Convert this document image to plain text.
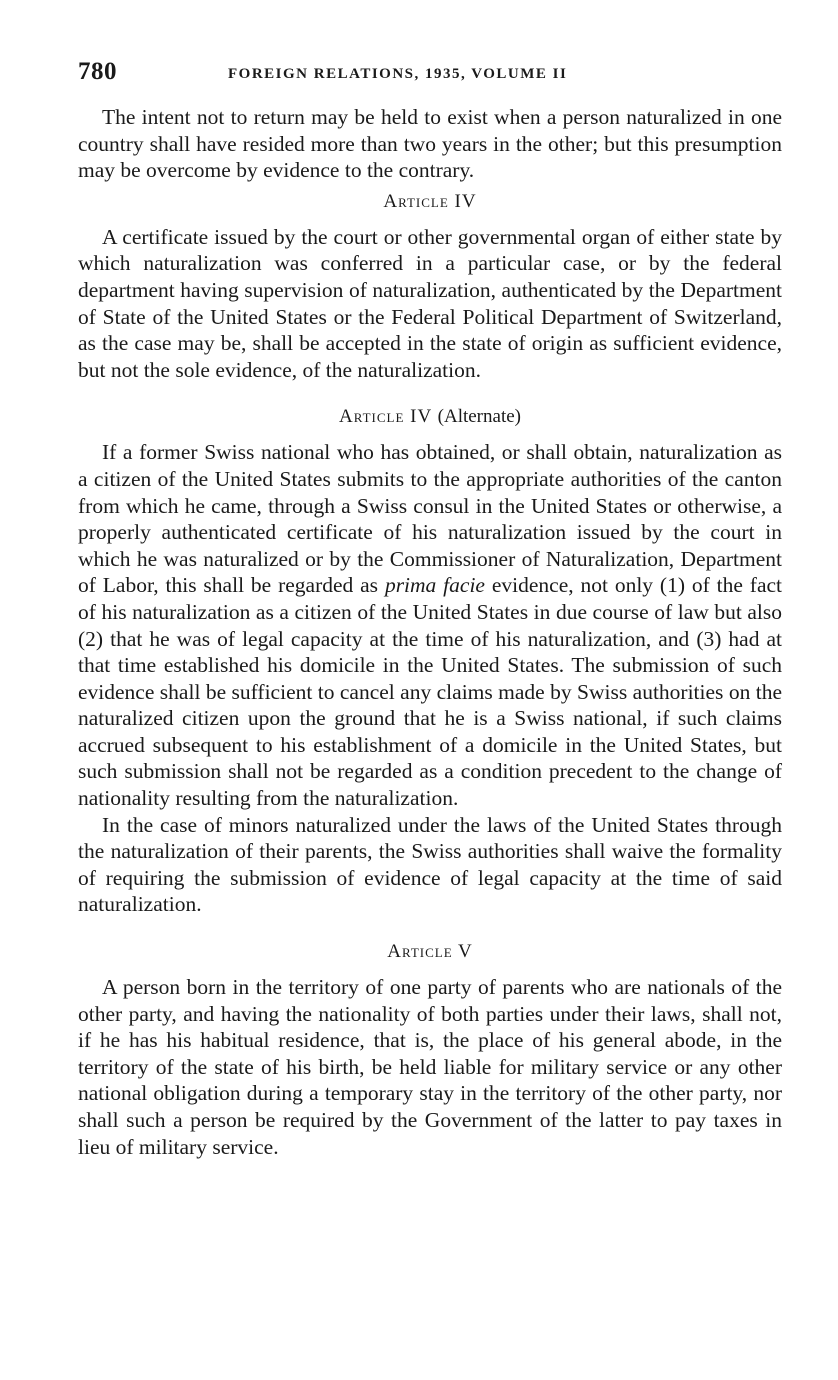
780	FOREIGN RELATIONS, 1935, VOLUME II

The intent not to return may be held to exist when a person naturalized in one country shall have resided more than two years in the other; but this presumption may be overcome by evidence to the contrary.

Article IV

A certificate issued by the court or other governmental organ of either state by which naturalization was conferred in a particular case, or by the federal department having supervision of naturalization, authenticated by the Department of State of the United States or the Federal Political Department of Switzerland, as the case may be, shall be accepted in the state of origin as sufficient evidence, but not the sole evidence, of the naturalization.

Article IV (Alternate)

If a former Swiss national who has obtained, or shall obtain, naturalization as a citizen of the United States submits to the appropriate authorities of the canton from which he came, through a Swiss consul in the United States or otherwise, a properly authenticated certificate of his naturalization issued by the court in which he was naturalized or by the Commissioner of Naturalization, Department of Labor, this shall be regarded as prima facie evidence, not only (1) of the fact of his naturalization as a citizen of the United States in due course of law but also (2) that he was of legal capacity at the time of his naturalization, and (3) had at that time established his domicile in the United States. The submission of such evidence shall be sufficient to cancel any claims made by Swiss authorities on the naturalized citizen upon the ground that he is a Swiss national, if such claims accrued subsequent to his establishment of a domicile in the United States, but such submission shall not be regarded as a condition precedent to the change of nationality resulting from the naturalization.

In the case of minors naturalized under the laws of the United States through the naturalization of their parents, the Swiss authorities shall waive the formality of requiring the submission of evidence of legal capacity at the time of said naturalization.

Article V

A person born in the territory of one party of parents who are nationals of the other party, and having the nationality of both parties under their laws, shall not, if he has his habitual residence, that is, the place of his general abode, in the territory of the state of his birth, be held liable for military service or any other national obligation during a temporary stay in the territory of the other party, nor shall such a person be required by the Government of the latter to pay taxes in lieu of military service.
